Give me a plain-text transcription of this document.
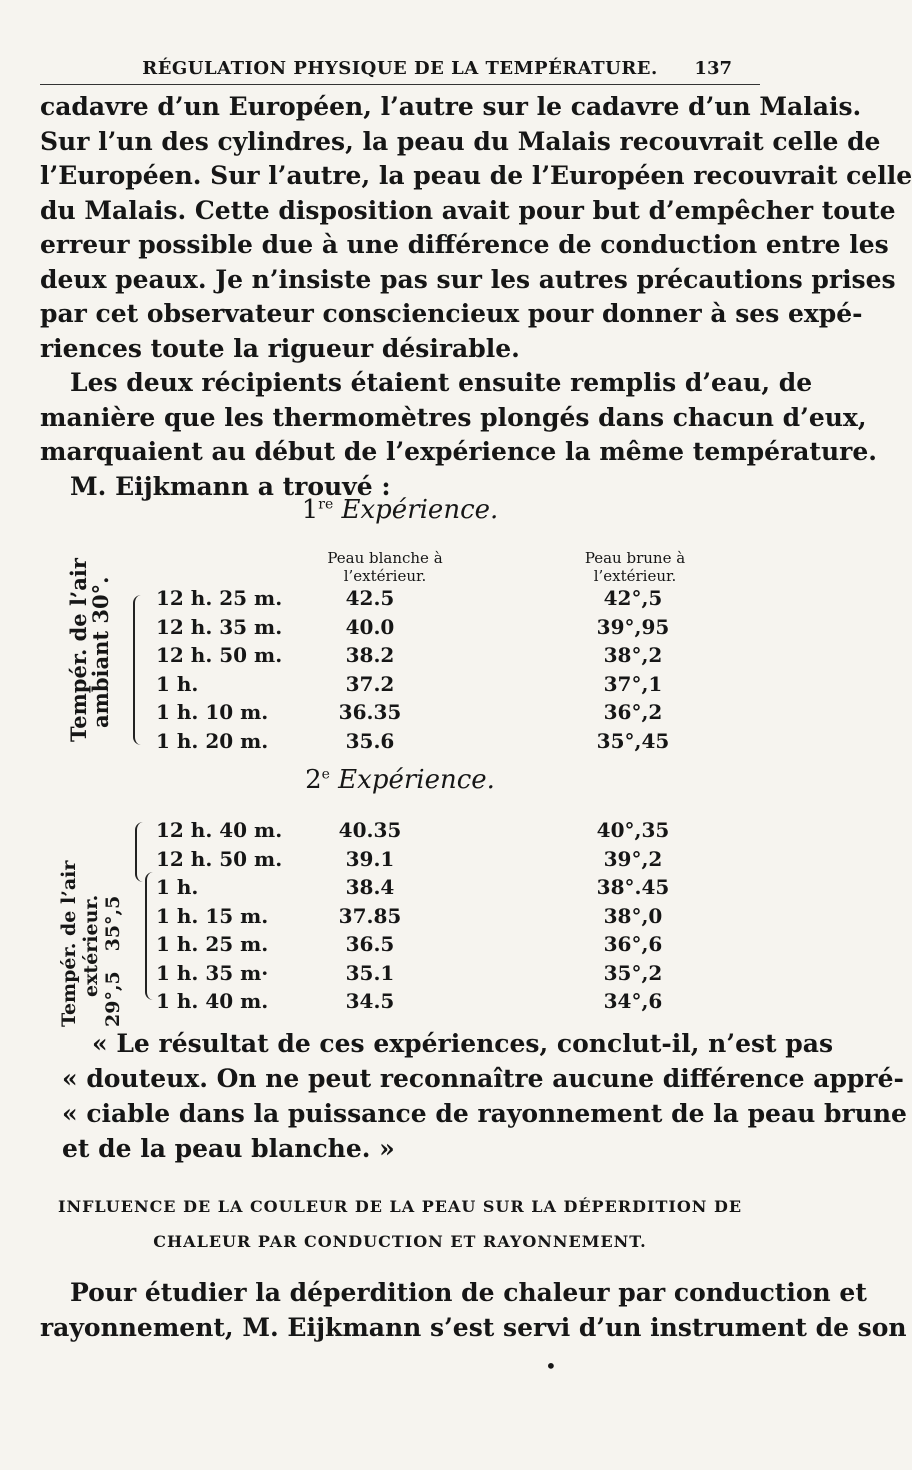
RÉGULATION PHYSIQUE DE LA TEMPÉRATURE.	137
cadavre d’un Européen, l’autre sur le cadavre d’un Malais.
Sur l’un des cylindres, la peau du Malais recouvrait celle de
l’Européen. Sur l’autre, la peau de l’Européen recouvrait celle
du Malais. Cette disposition avait pour but d’empêcher toute
erreur possible due à une différence de conduction entre les
deux peaux. Je n’insiste pas sur les autres précautions prises
par cet observateur consciencieux pour donner à ses expé-
riences toute la rigueur désirable.
Les deux récipients étaient ensuite remplis d’eau, de
manière que les thermomètres plongés dans chacun d’eux,
marquaient au début de l’expérience la même température.
M. Eijkmann a trouvé :
1re Expérience.
Peau blanche à
l’extérieur.
Peau brune à
l’extérieur.
Tempér. de l’air
ambiant 30°. 12 h. 25 m.	42.5	42°,5
12 h. 35 m.	40.0	39°,95
12 h. 50 m.	38.2	38°,2
1 h.	37.2	37°,1
1 h. 10 m.	36.35	36°,2
1 h. 20 m.	35.6	35°,45
2e Expérience.
Tempér. de l’air extérieur. 29°,5   35°,5
12 h. 40 m.	40.35	40°,35
12 h. 50 m.	39.1	39°,2
1 h.	38.4	38°.45
1 h. 15 m.	37.85	38°,0
1 h. 25 m.	36.5	36°,6
1 h. 35 m·	35.1	35°,2
1 h. 40 m.	34.5	34°,6
« Le résultat de ces expériences, conclut-il, n’est pas
« douteux. On ne peut reconnaître aucune différence appré-
« ciable dans la puissance de rayonnement de la peau brune
et de la peau blanche. »
INFLUENCE DE LA COULEUR DE LA PEAU SUR LA DÉPERDITION DE
CHALEUR PAR CONDUCTION ET RAYONNEMENT.
Pour étudier la déperdition de chaleur par conduction et
rayonnement, M. Eijkmann s’est servi d’un instrument de son
•
